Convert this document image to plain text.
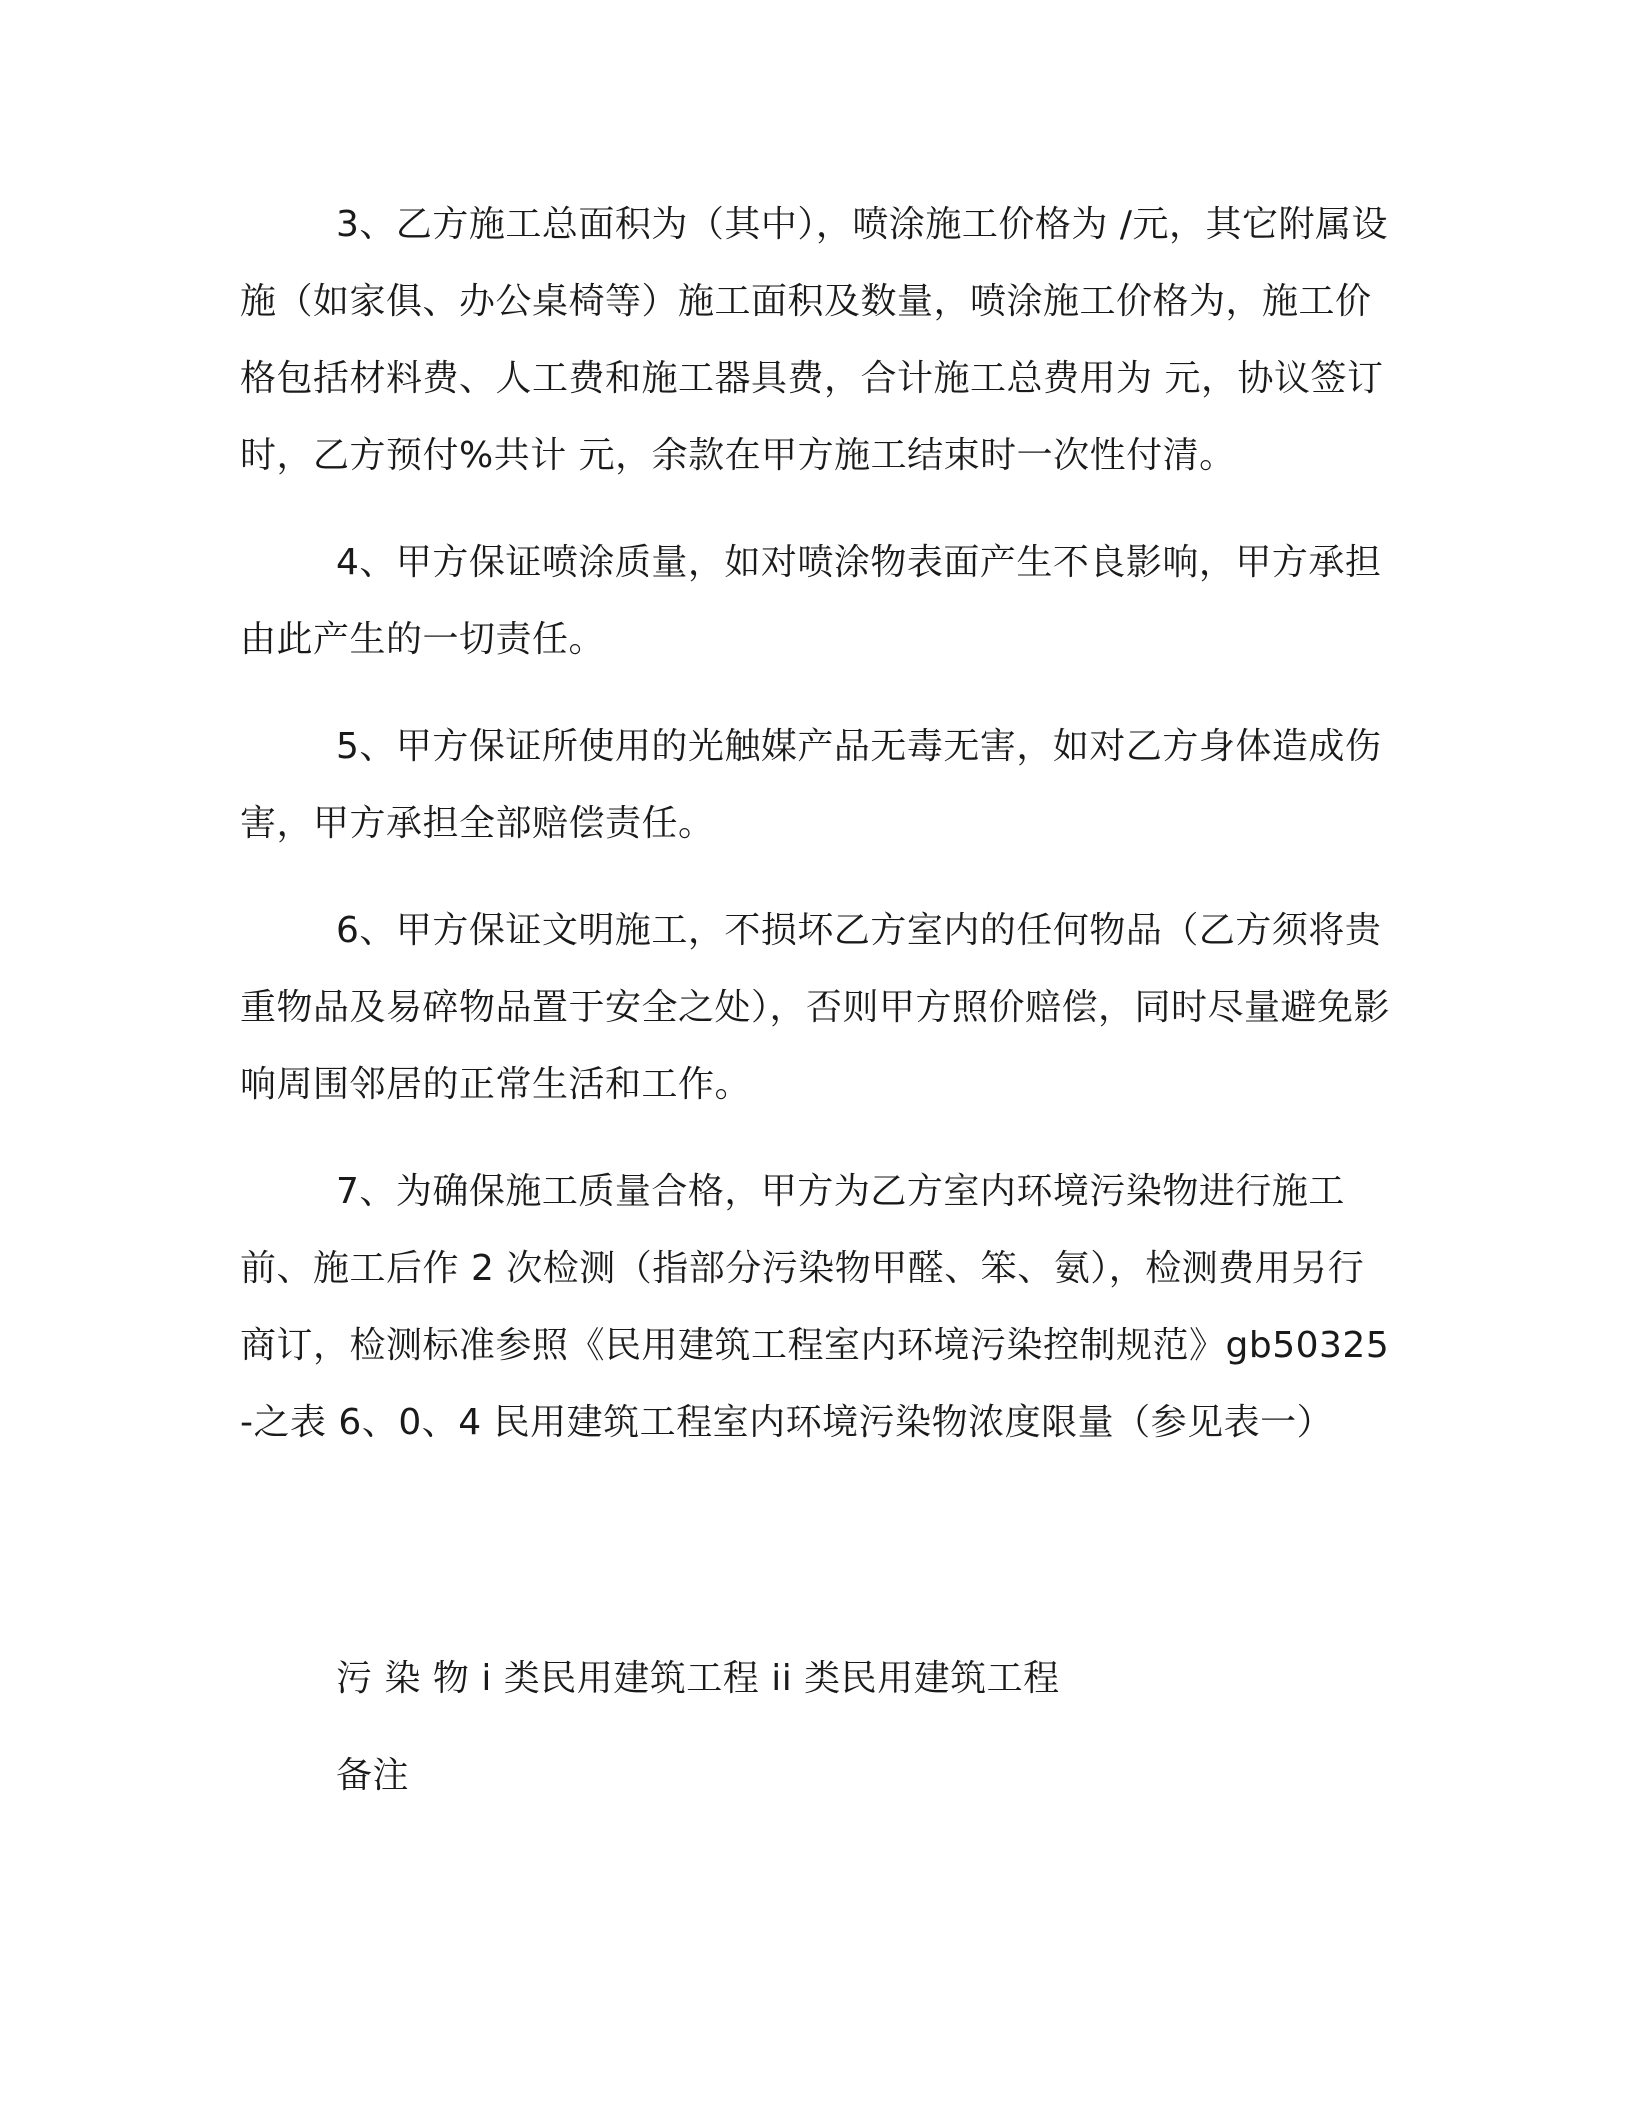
3、乙方施工总面积为（其中），喷涂施工价格为 /元，其它附属设施（如家俱、办公桌椅等）施工面积及数量，喷涂施工价格为，施工价格包括材料费、人工费和施工器具费，合计施工总费用为 元，协议签订时，乙方预付%共计 元，余款在甲方施工结束时一次性付清。

4、甲方保证喷涂质量，如对喷涂物表面产生不良影响，甲方承担由此产生的一切责任。

5、甲方保证所使用的光触媒产品无毒无害，如对乙方身体造成伤害，甲方承担全部赔偿责任。

6、甲方保证文明施工，不损坏乙方室内的任何物品（乙方须将贵重物品及易碎物品置于安全之处），否则甲方照价赔偿，同时尽量避免影响周围邻居的正常生活和工作。

7、为确保施工质量合格，甲方为乙方室内环境污染物进行施工前、施工后作 2 次检测（指部分污染物甲醛、笨、氨），检测费用另行商订，检测标准参照《民用建筑工程室内环境污染控制规范》gb50325-之表 6、0、4 民用建筑工程室内环境污染物浓度限量（参见表一）

污 染 物 i 类民用建筑工程 ii 类民用建筑工程

备注
